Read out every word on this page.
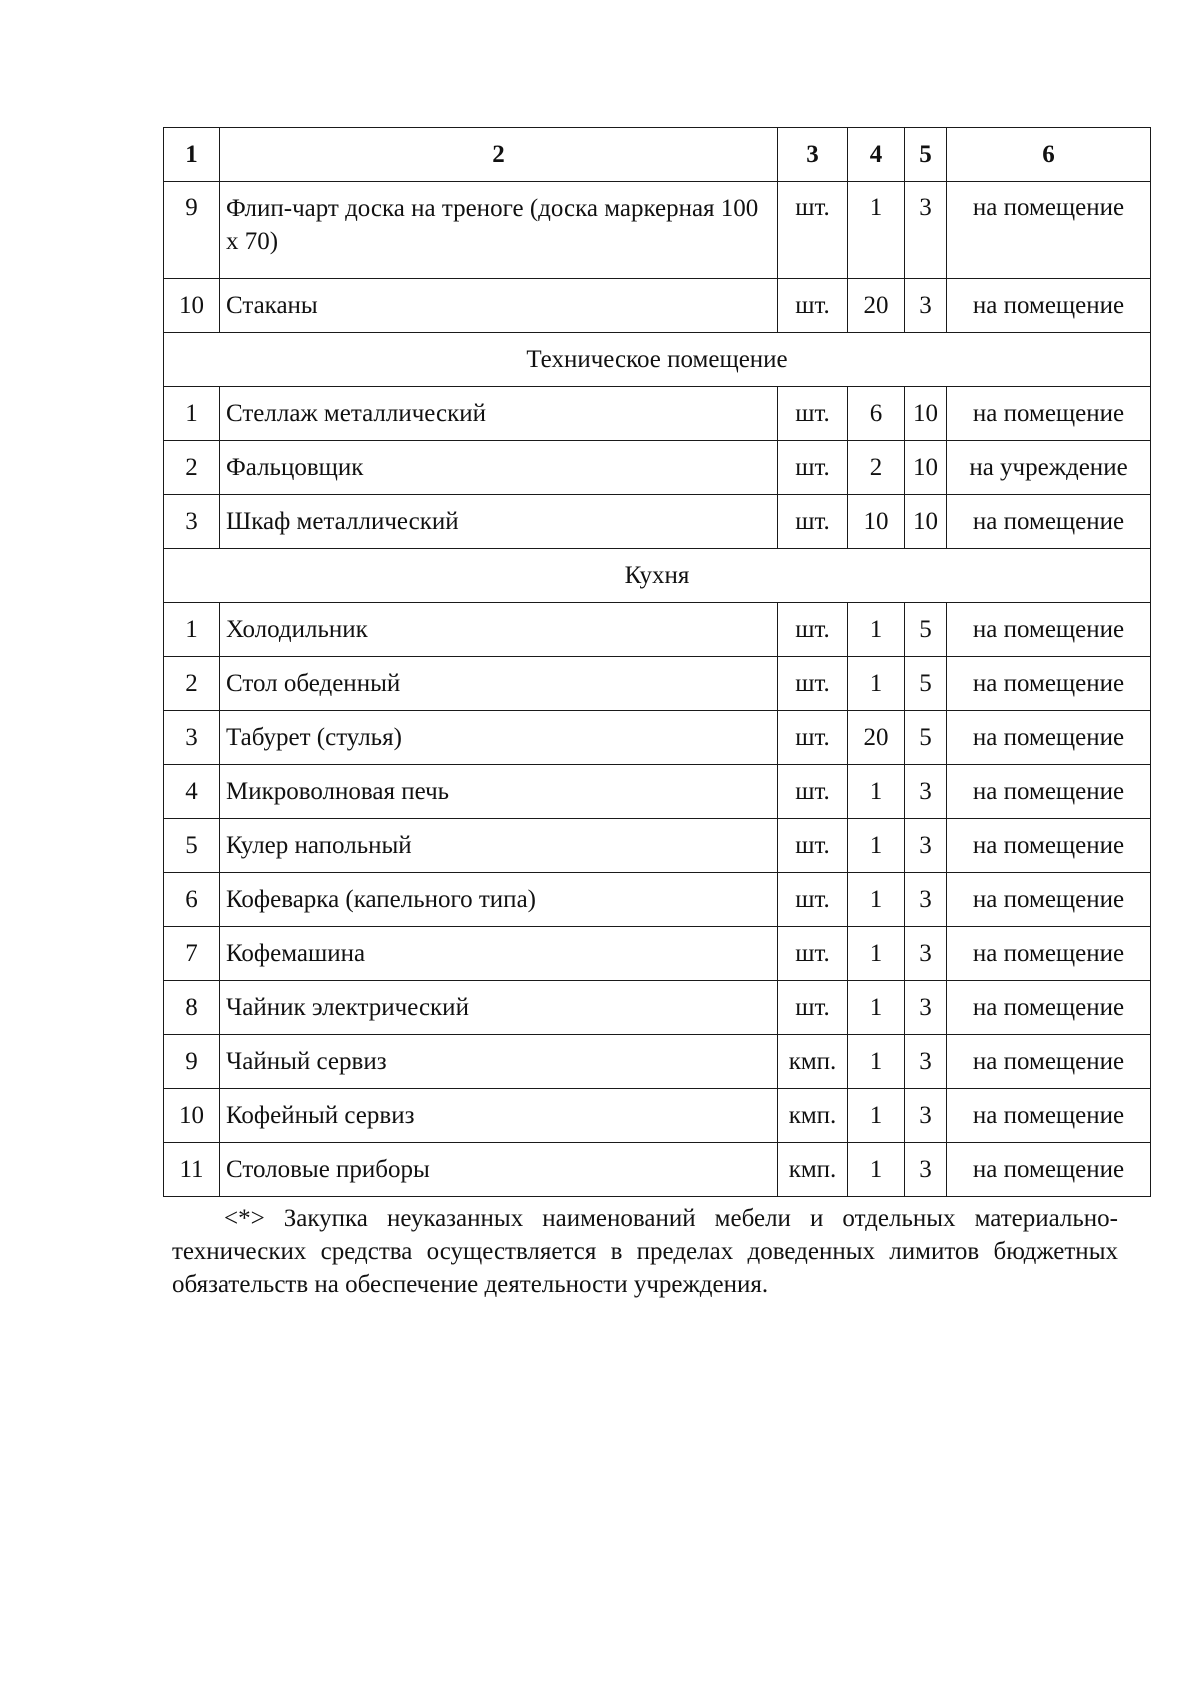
1	2	3	4	5	6
9	Флип-чарт доска на треноге (доска маркерная 100 х 70)	шт.	1	3	на помещение
10	Стаканы	шт.	20	3	на помещение
Техническое помещение					
1	Стеллаж металлический	шт.	6	10	на помещение
2	Фальцовщик	шт.	2	10	на учреждение
3	Шкаф металлический	шт.	10	10	на помещение
Кухня					
1	Холодильник	шт.	1	5	на помещение
2	Стол обеденный	шт.	1	5	на помещение
3	Табурет (стулья)	шт.	20	5	на помещение
4	Микроволновая печь	шт.	1	3	на помещение
5	Кулер напольный	шт.	1	3	на помещение
6	Кофеварка (капельного типа)	шт.	1	3	на помещение
7	Кофемашина	шт.	1	3	на помещение
8	Чайник электрический	шт.	1	3	на помещение
9	Чайный сервиз	кмп.	1	3	на помещение
10	Кофейный сервиз	кмп.	1	3	на помещение
11	Столовые приборы	кмп.	1	3	на помещение

<*> Закупка неуказанных наименований мебели и отдельных материально-технических средства осуществляется в пределах доведенных лимитов бюджетных обязательств на обеспечение деятельности учреждения.
